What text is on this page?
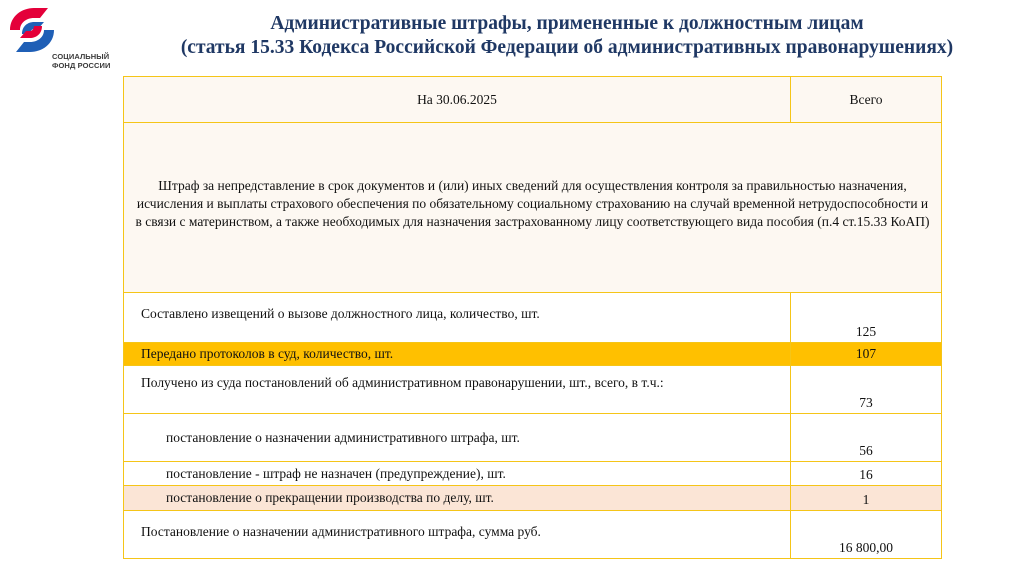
СОЦИАЛЬНЫЙ
ФОНД РОССИИ
Административные штрафы, примененные к должностным лицам
(статья 15.33 Кодекса Российской Федерации об административных правонарушениях)
На 30.06.2025	Всего

Штраф за непредставление в срок документов и (или) иных сведений для осуществления контроля за правильностью назначения, исчисления и выплаты страхового обеспечения по обязательному социальному страхованию на случай временной нетрудоспособности и в связи с материнством, а также необходимых для назначения застрахованному лицу соответствующего вида пособия (п.4 ст.15.33 КоАП)	

Составлено извещений о вызове должностного лица, количество, шт.	125
Передано протоколов в суд, количество, шт.	107
Получено из суда постановлений об административном правонарушении, шт., всего, в т.ч.:	73
постановление о назначении административного штрафа, шт.	56
постановление - штраф не назначен (предупреждение), шт.	16
постановление о прекращении производства по делу, шт.	1
Постановление о назначении административного штрафа, сумма руб.	16 800,00
